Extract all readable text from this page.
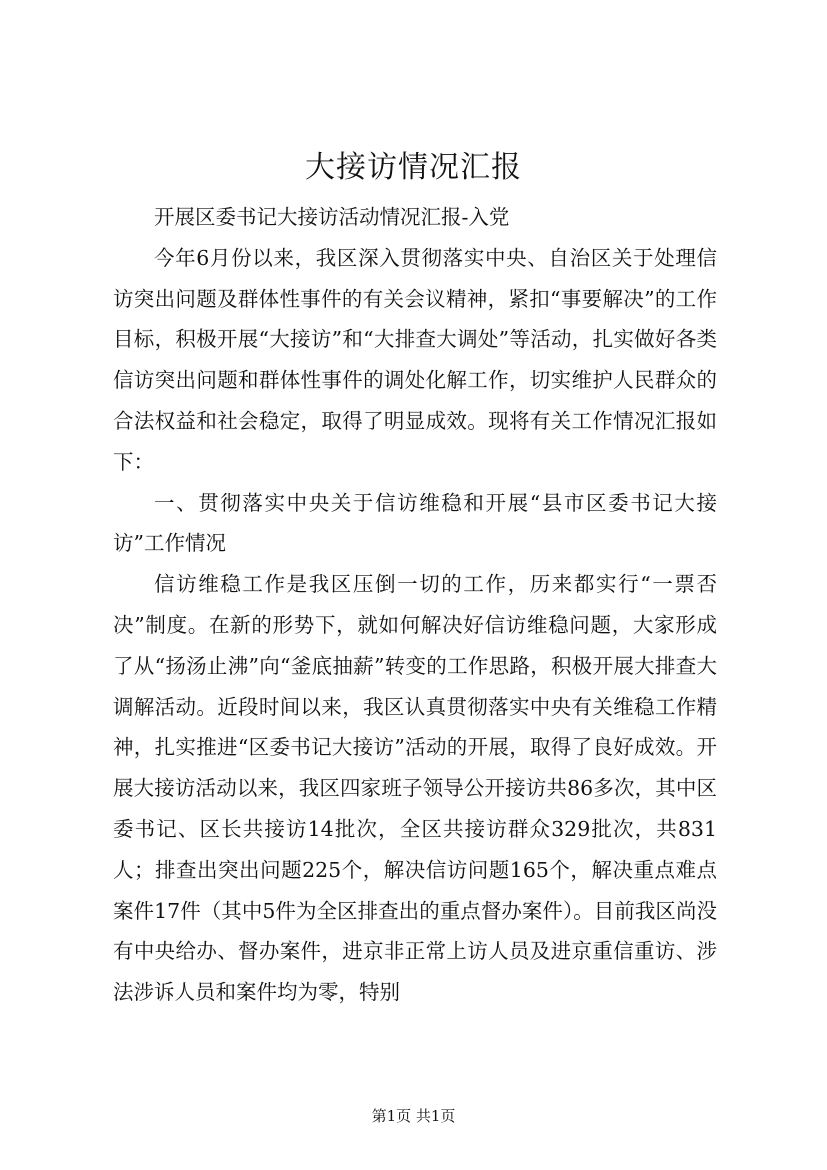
大接访情况汇报

开展区委书记大接访活动情况汇报-入党

今年6月份以来，我区深入贯彻落实中央、自治区关于处理信访突出问题及群体性事件的有关会议精神，紧扣“事要解决”的工作目标，积极开展“大接访”和“大排查大调处”等活动，扎实做好各类信访突出问题和群体性事件的调处化解工作，切实维护人民群众的合法权益和社会稳定，取得了明显成效。现将有关工作情况汇报如下：

一、贯彻落实中央关于信访维稳和开展“县市区委书记大接访”工作情况

信访维稳工作是我区压倒一切的工作，历来都实行“一票否决”制度。在新的形势下，就如何解决好信访维稳问题，大家形成了从“扬汤止沸”向“釜底抽薪”转变的工作思路，积极开展大排查大调解活动。近段时间以来，我区认真贯彻落实中央有关维稳工作精神，扎实推进“区委书记大接访”活动的开展，取得了良好成效。开展大接访活动以来，我区四家班子领导公开接访共86多次，其中区委书记、区长共接访14批次，全区共接访群众329批次，共831人；排查出突出问题225个，解决信访问题165个，解决重点难点案件17件（其中5件为全区排查出的重点督办案件）。目前我区尚没有中央给办、督办案件，进京非正常上访人员及进京重信重访、涉法涉诉人员和案件均为零，特别

第1页 共1页
